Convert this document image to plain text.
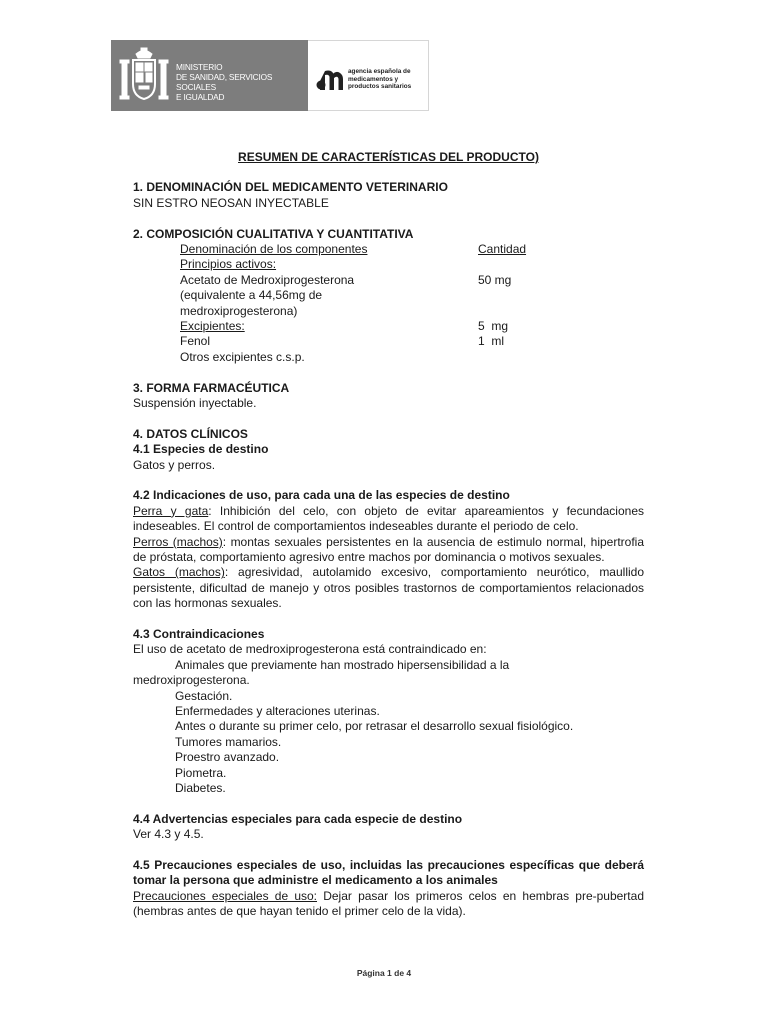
MINISTERIO
DE SANIDAD, SERVICIOS SOCIALES
E IGUALDAD
agencia española de
medicamentos y
productos sanitarios
RESUMEN DE CARACTERÍSTICAS DEL PRODUCTO)
1. DENOMINACIÓN DEL MEDICAMENTO VETERINARIO
SIN ESTRO NEOSAN INYECTABLE
2. COMPOSICIÓN CUALITATIVA Y CUANTITATIVA
Denominación de los componentes	Cantidad
Principios activos:
Acetato de Medroxiprogesterona	50 mg
(equivalente a 44,56mg de
medroxiprogesterona)
Excipientes:	5  mg
Fenol	1  ml
Otros excipientes c.s.p.
3. FORMA FARMACÉUTICA
Suspensión inyectable.
4. DATOS CLÍNICOS
4.1 Especies de destino
Gatos y perros.
4.2 Indicaciones de uso, para cada una de las especies de destino
Perra y gata: Inhibición del celo, con objeto de evitar apareamientos y fecundaciones indeseables. El control de comportamientos indeseables durante el periodo de celo.
Perros (machos): montas sexuales persistentes en la ausencia de estimulo normal, hipertrofia de próstata, comportamiento agresivo entre machos por dominancia o motivos sexuales.
Gatos (machos): agresividad, autolamido excesivo, comportamiento neurótico, maullido persistente, dificultad de manejo y otros posibles trastornos de comportamientos relacionados con las hormonas sexuales.
4.3 Contraindicaciones
El uso de acetato de medroxiprogesterona está contraindicado en:
Animales que previamente han mostrado hipersensibilidad a la
medroxiprogesterona.
Gestación.
Enfermedades y alteraciones uterinas.
Antes o durante su primer celo, por retrasar el desarrollo sexual fisiológico.
Tumores mamarios.
Proestro avanzado.
Piometra.
Diabetes.
4.4 Advertencias especiales para cada especie de destino
Ver 4.3 y 4.5.
4.5 Precauciones especiales de uso, incluidas las precauciones específicas que deberá tomar la persona que administre el medicamento a los animales
Precauciones especiales de uso: Dejar pasar los primeros celos en hembras pre-pubertad (hembras antes de que hayan tenido el primer celo de la vida).
Página 1 de 4
